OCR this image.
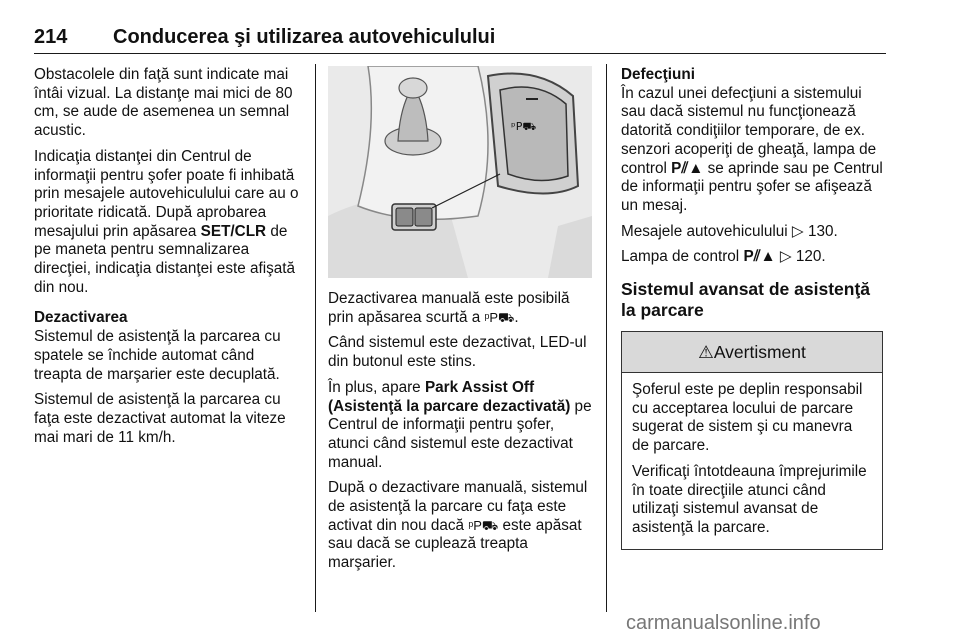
214 Conducerea şi utilizarea autovehiculului

Obstacolele din faţă sunt indicate mai întâi vizual. La distanţe mai mici de 80 cm, se aude de asemenea un semnal acustic.

Indicaţia distanţei din Centrul de informaţii pentru şofer poate fi inhibată prin mesajele autovehiculului care au o prioritate ridicată. După aprobarea mesajului prin apăsarea SET/CLR de pe maneta pentru semnalizarea direcţiei, indicaţia distanţei este afişată din nou.

Dezactivarea

Sistemul de asistenţă la parcarea cu spatele se închide automat când treapta de marşarier este decuplată.

Sistemul de asistenţă la parcarea cu faţa este dezactivat automat la viteze mai mari de 11 km/h.

ᵖP⛟

Dezactivarea manuală este posibilă prin apăsarea scurtă a ᵖP⛟.

Când sistemul este dezactivat, LED-ul din butonul este stins.

În plus, apare Park Assist Off (Asistenţă la parcare dezactivată) pe Centrul de informaţii pentru şofer, atunci când sistemul este dezactivat manual.

După o dezactivare manuală, sistemul de asistenţă la parcare cu faţa este activat din nou dacă ᵖP⛟ este apăsat sau dacă se cuplează treapta marşarier.

Defecţiuni

În cazul unei defecţiuni a sistemului sau dacă sistemul nu funcţionează datorită condiţiilor temporare, de ex. senzori acoperiţi de gheaţă, lampa de control P⫽▲ se aprinde sau pe Centrul de informaţii pentru şofer se afişează un mesaj.

Mesajele autovehiculului ▷ 130.

Lampa de control P⫽▲ ▷ 120.

Sistemul avansat de asistenţă la parcare
⚠ Avertisment

Şoferul este pe deplin responsabil cu acceptarea locului de parcare sugerat de sistem şi cu manevra de parcare.

Verificaţi întotdeauna împrejurimile în toate direcţiile atunci când utilizaţi sistemul avansat de asistenţă la parcare.

carmanualsonline.info
